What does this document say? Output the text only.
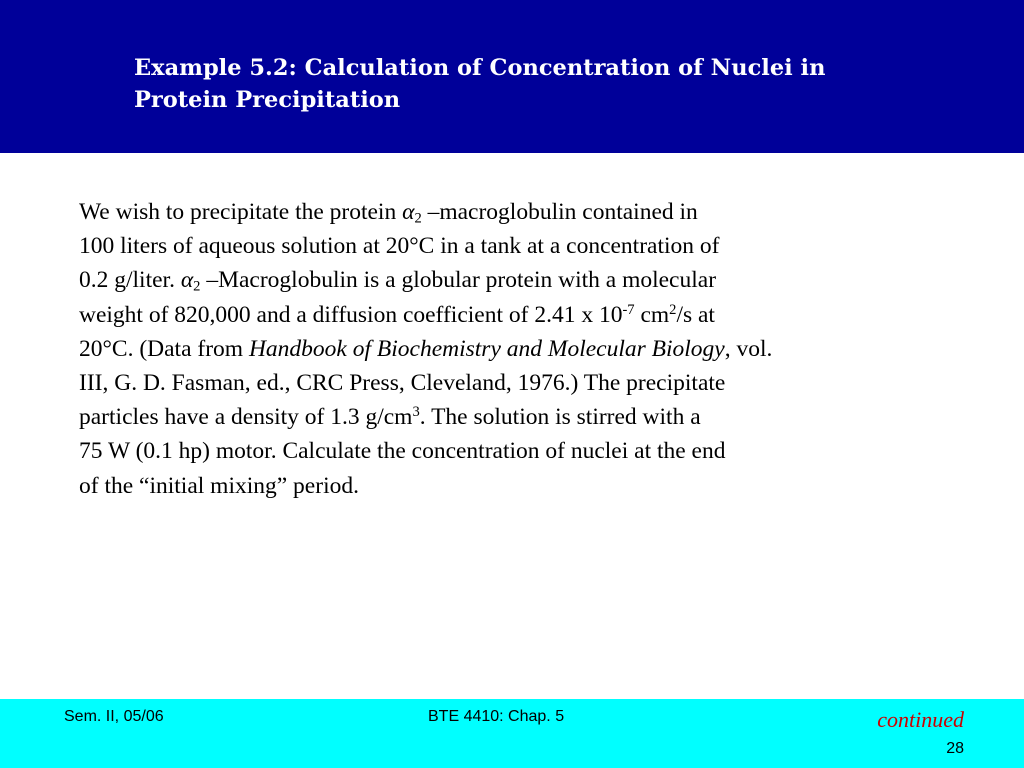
Example 5.2: Calculation of Concentration of Nuclei in
Protein Precipitation
We wish to precipitate the protein $\alpha_2$ –macroglobulin contained in
100 liters of aqueous solution at 20°C in a tank at a concentration of
0.2 g/liter. $\alpha_2$ –Macroglobulin is a globular protein with a molecular
weight of 820,000 and a diffusion coefficient of 2.41 x $10^{-7}$ $cm^2/s$ at
20°C. (Data from Handbook of Biochemistry and Molecular Biology, vol.
III, G. D. Fasman, ed., CRC Press, Cleveland, 1976.) The precipitate
particles have a density of 1.3 $g/cm^3$. The solution is stirred with a
75 W (0.1 hp) motor. Calculate the concentration of nuclei at the end
of the “initial mixing” period.
Sem. II, 05/06	BTE 4410: Chap. 5	continued
28
